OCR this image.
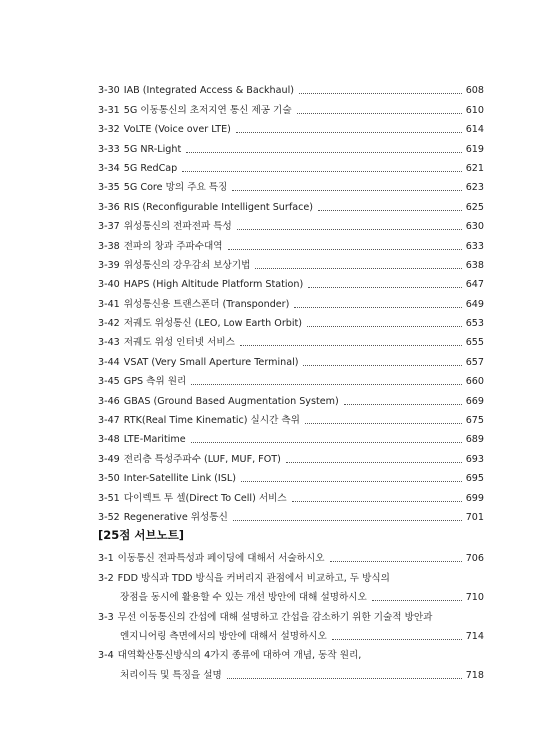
3-30 IAB (Integrated Access & Backhaul)	608
3-31 5G 이동통신의 초저지연 통신 제공 기술	610
3-32 VoLTE (Voice over LTE)	614
3-33 5G NR-Light	619
3-34 5G RedCap	621
3-35 5G Core 망의 주요 특징	623
3-36 RIS (Reconfigurable Intelligent Surface)	625
3-37 위성통신의 전파전파 특성	630
3-38 전파의 창과 주파수대역	633
3-39 위성통신의 강우감쇠 보상기법	638
3-40 HAPS (High Altitude Platform Station)	647
3-41 위성통신용 트랜스폰더 (Transponder)	649
3-42 저궤도 위성통신 (LEO, Low Earth Orbit)	653
3-43 저궤도 위성 인터넷 서비스	655
3-44 VSAT (Very Small Aperture Terminal)	657
3-45 GPS 측위 원리	660
3-46 GBAS (Ground Based Augmentation System)	669
3-47 RTK(Real Time Kinematic) 실시간 측위	675
3-48 LTE-Maritime	689
3-49 전리층 특성주파수 (LUF, MUF, FOT)	693
3-50 Inter-Satellite Link (ISL)	695
3-51 다이렉트 투 셀(Direct To Cell) 서비스	699
3-52 Regenerative 위성통신	701
[25점 서브노트]
3-1 이동통신 전파특성과 페이딩에 대해서 서술하시오	706
3-2 FDD 방식과 TDD 방식을 커버리지 관점에서 비교하고, 두 방식의
장점을 동시에 활용할 수 있는 개선 방안에 대해 설명하시오	710
3-3 무선 이동통신의 간섭에 대해 설명하고 간섭을 감소하기 위한 기술적 방안과
엔지니어링 측면에서의 방안에 대해서 설명하시오	714
3-4 대역확산통신방식의 4가지 종류에 대하여 개념, 동작 원리,
처리이득 및 특징을 설명	718
